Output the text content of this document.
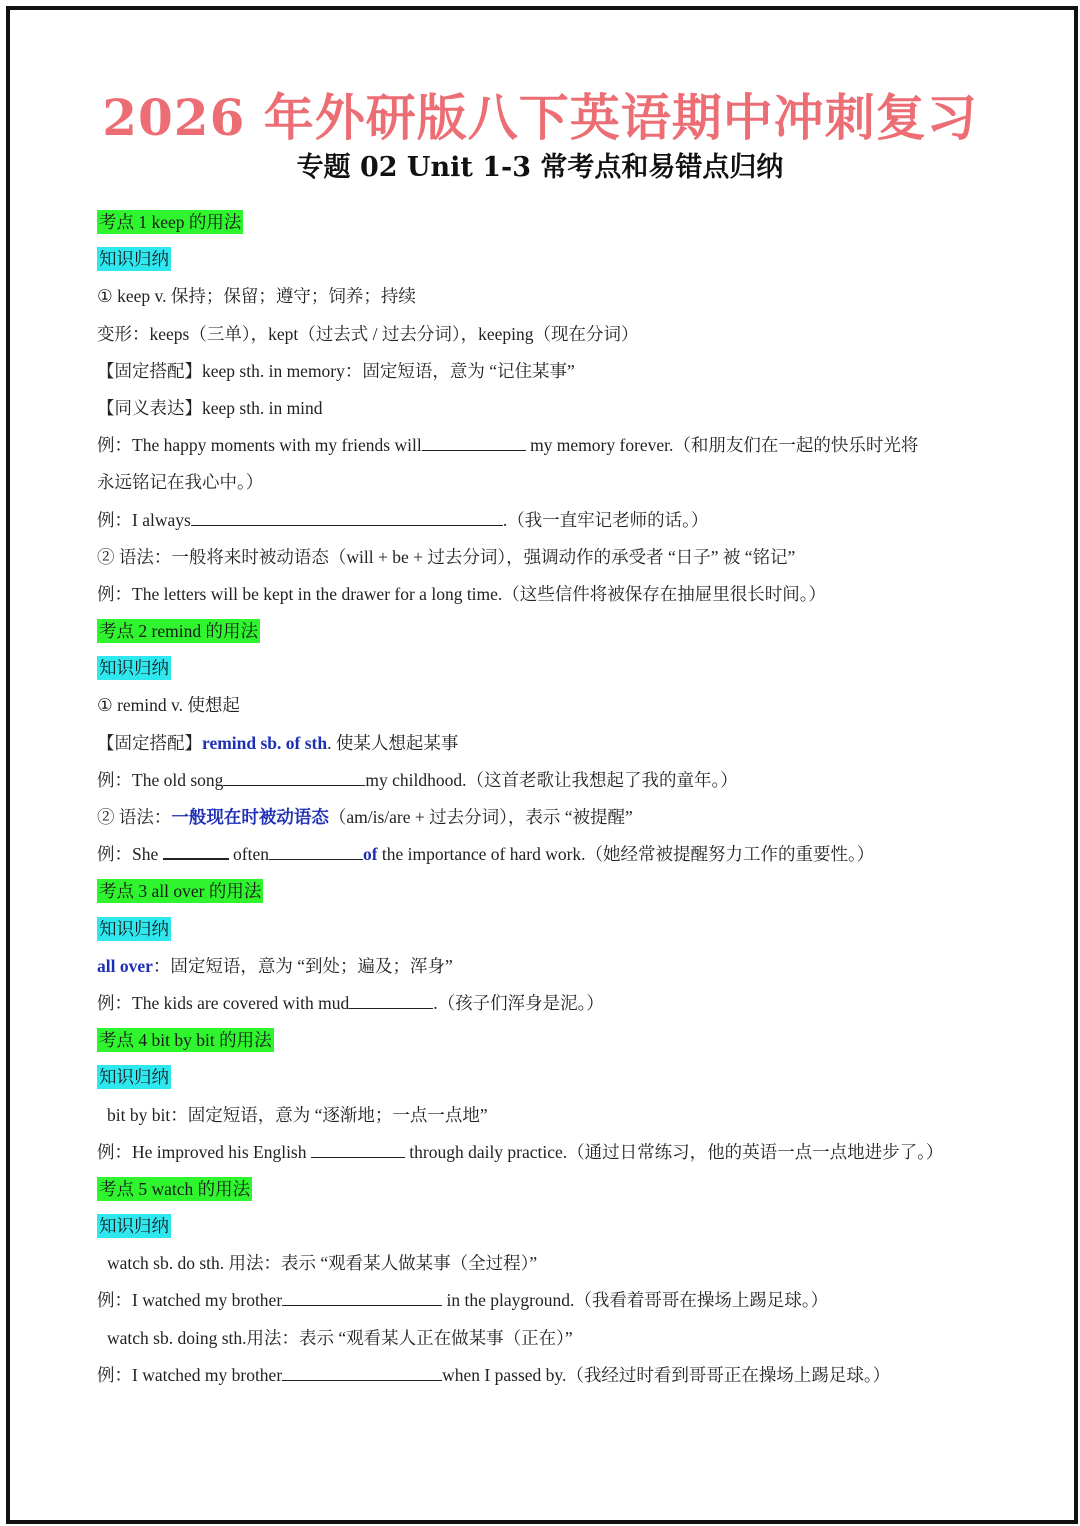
2026 年外研版八下英语期中冲刺复习
专题 02 Unit 1-3 常考点和易错点归纳
考点 1 keep 的用法
知识归纳
① keep v. 保持；保留；遵守；饲养；持续
变形：keeps（三单），kept（过去式 / 过去分词），keeping（现在分词）
【固定搭配】keep sth. in memory：固定短语，意为 “记住某事”
【同义表达】keep sth. in mind
例：The happy moments with my friends will	my memory forever.（和朋友们在一起的快乐时光将
永远铭记在我心中。）
例：I always	.（我一直牢记老师的话。）
② 语法：一般将来时被动语态（will + be + 过去分词），强调动作的承受者 “日子” 被 “铭记”
例：The letters will be kept in the drawer for a long time.（这些信件将被保存在抽屉里很长时间。）
考点 2 remind 的用法
知识归纳
① remind v. 使想起
【固定搭配】remind sb. of sth. 使某人想起某事
例：The old song	my childhood.（这首老歌让我想起了我的童年。）
② 语法：一般现在时被动语态（am/is/are + 过去分词），表示 “被提醒”
例：She	often	of the importance of hard work.（她经常被提醒努力工作的重要性。）
考点 3 all over 的用法
知识归纳
all over：固定短语，意为 “到处；遍及；浑身”
例：The kids are covered with mud	.（孩子们浑身是泥。）
考点 4 bit by bit 的用法
知识归纳
bit by bit：固定短语，意为 “逐渐地；一点一点地”
例：He improved his English	through daily practice.（通过日常练习，他的英语一点一点地进步了。）
考点 5 watch 的用法
知识归纳
watch sb. do sth. 用法：表示 “观看某人做某事（全过程）”
例：I watched my brother	in the playground.（我看着哥哥在操场上踢足球。）
watch sb. doing sth.用法：表示 “观看某人正在做某事（正在）”
例：I watched my brother	when I passed by.（我经过时看到哥哥正在操场上踢足球。）
